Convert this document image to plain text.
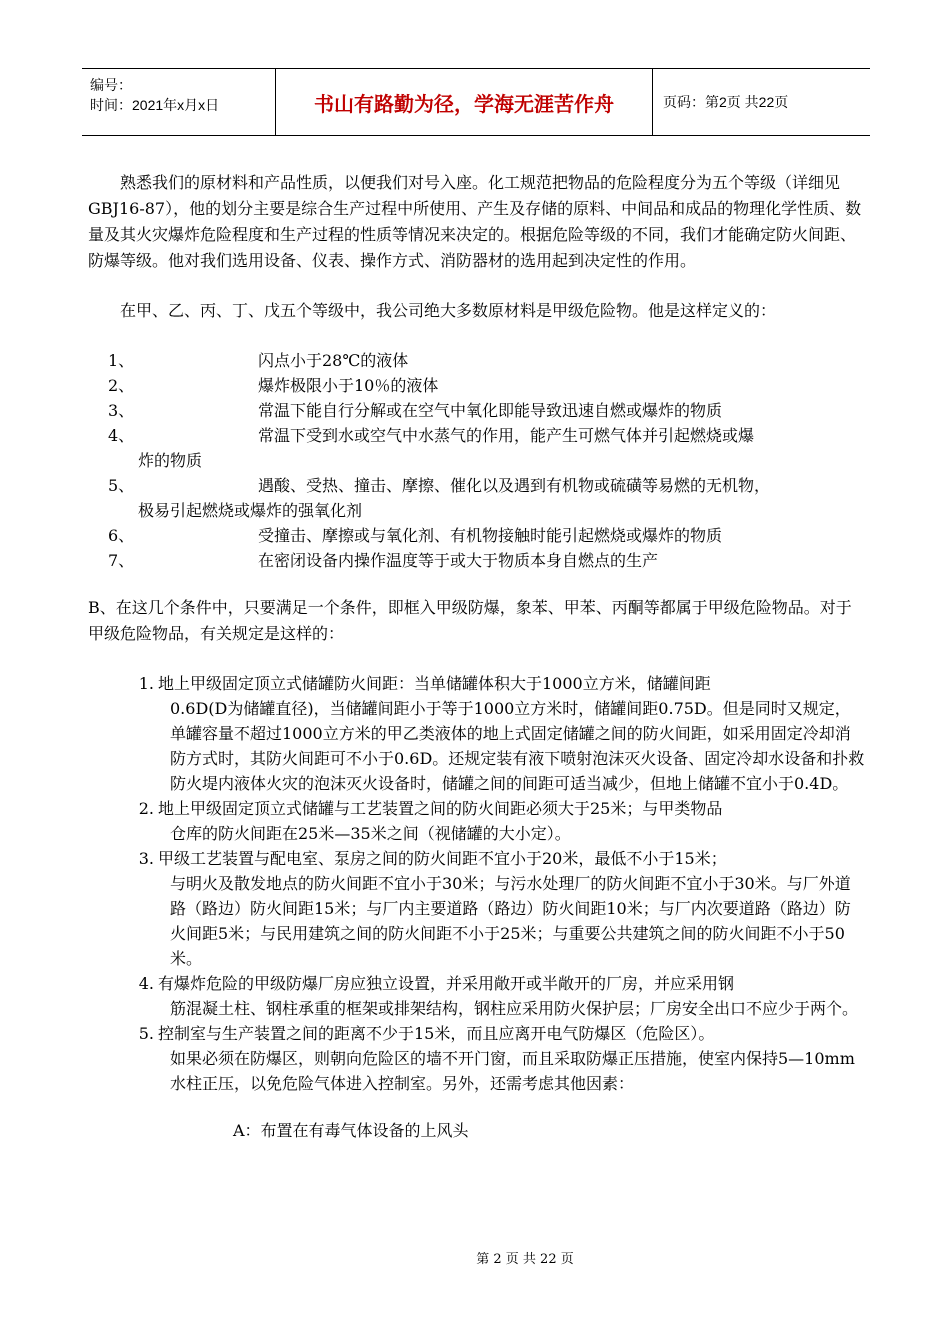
编号：
时间：2021年x月x日	书山有路勤为径，学海无涯苦作舟	页码：第2页 共22页

熟悉我们的原材料和产品性质，以便我们对号入座。化工规范把物品的危险程度分为五个等级（详细见GBJ16-87），他的划分主要是综合生产过程中所使用、产生及存储的原料、中间品和成品的物理化学性质、数量及其火灾爆炸危险程度和生产过程的性质等情况来决定的。根据危险等级的不同，我们才能确定防火间距、防爆等级。他对我们选用设备、仪表、操作方式、消防器材的选用起到决定性的作用。

在甲、乙、丙、丁、戊五个等级中，我公司绝大多数原材料是甲级危险物。他是这样定义的：

1、	闪点小于28℃的液体
2、	爆炸极限小于10％的液体
3、	常温下能自行分解或在空气中氧化即能导致迅速自燃或爆炸的物质
4、	常温下受到水或空气中水蒸气的作用，能产生可燃气体并引起燃烧或爆
炸的物质
5、	遇酸、受热、撞击、摩擦、催化以及遇到有机物或硫磺等易燃的无机物，
极易引起燃烧或爆炸的强氧化剂
6、	受撞击、摩擦或与氧化剂、有机物接触时能引起燃烧或爆炸的物质
7、	在密闭设备内操作温度等于或大于物质本身自燃点的生产

B、在这几个条件中，只要满足一个条件，即框入甲级防爆，象苯、甲苯、丙酮等都属于甲级危险物品。对于甲级危险物品，有关规定是这样的：

1. 地上甲级固定顶立式储罐防火间距：当单储罐体积大于1000立方米，储罐间距
0.6D(D为储罐直径)，当储罐间距小于等于1000立方米时，储罐间距0.75D。但是同时又规定，单罐容量不超过1000立方米的甲乙类液体的地上式固定储罐之间的防火间距，如采用固定冷却消防方式时，其防火间距可不小于0.6D。还规定装有液下喷射泡沫灭火设备、固定冷却水设备和扑救防火堤内液体火灾的泡沫灭火设备时，储罐之间的间距可适当减少，但地上储罐不宜小于0.4D。
2. 地上甲级固定顶立式储罐与工艺装置之间的防火间距必须大于25米；与甲类物品
仓库的防火间距在25米—35米之间（视储罐的大小定）。
3. 甲级工艺装置与配电室、泵房之间的防火间距不宜小于20米，最低不小于15米；
与明火及散发地点的防火间距不宜小于30米；与污水处理厂的防火间距不宜小于30米。与厂外道路（路边）防火间距15米；与厂内主要道路（路边）防火间距10米；与厂内次要道路（路边）防火间距5米；与民用建筑之间的防火间距不小于25米；与重要公共建筑之间的防火间距不小于50米。
4. 有爆炸危险的甲级防爆厂房应独立设置，并采用敞开或半敞开的厂房，并应采用钢
筋混凝土柱、钢柱承重的框架或排架结构，钢柱应采用防火保护层；厂房安全出口不应少于两个。
5. 控制室与生产装置之间的距离不少于15米，而且应离开电气防爆区（危险区）。
如果必须在防爆区，则朝向危险区的墙不开门窗，而且采取防爆正压措施，使室内保持5—10mm水柱正压，以免危险气体进入控制室。另外，还需考虑其他因素：
A：布置在有毒气体设备的上风头
第 2 页 共 22 页
